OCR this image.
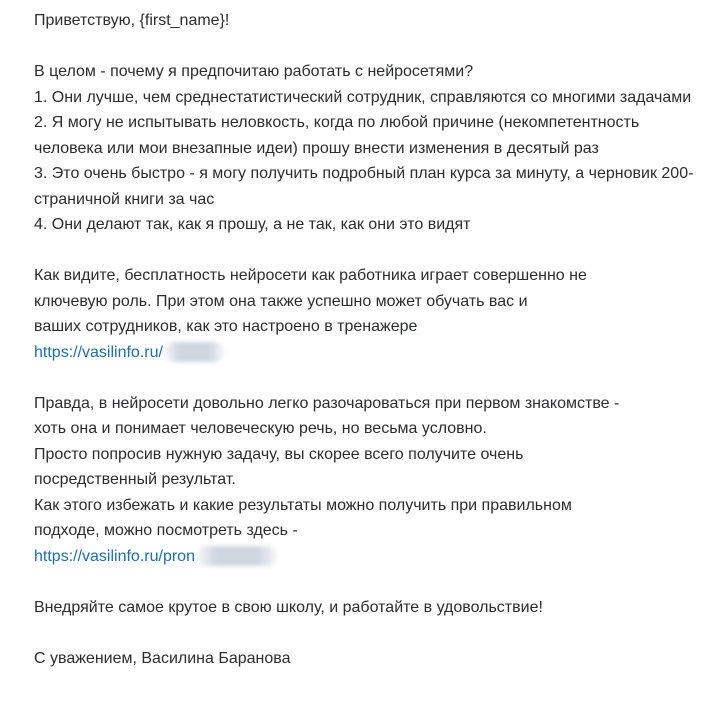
Приветствую, {first_name}!

В целом - почему я предпочитаю работать с нейросетями?

1. Они лучше, чем среднестатистический сотрудник, справляются со многими задачами

2. Я могу не испытывать неловкость, когда по любой причине (некомпетентность человека или мои внезапные идеи) прошу внести изменения в десятый раз

3. Это очень быстро - я могу получить подробный план курса за минуту, а черновик 200-страничной книги за час

4. Они делают так, как я прошу, а не так, как они это видят

Как видите, бесплатность нейросети как работника играет совершенно не

ключевую роль. При этом она также успешно может обучать вас и

ваших сотрудников, как это настроено в тренажере

https://vasilinfo.ru/

Правда, в нейросети довольно легко разочароваться при первом знакомстве -

хоть она и понимает человеческую речь, но весьма условно.

Просто попросив нужную задачу, вы скорее всего получите очень

посредственный результат.

Как этого избежать и какие результаты можно получить при правильном

подходе, можно посмотреть здесь -

https://vasilinfo.ru/pron

Внедряйте самое крутое в свою школу, и работайте в удовольствие!

С уважением, Василина Баранова
